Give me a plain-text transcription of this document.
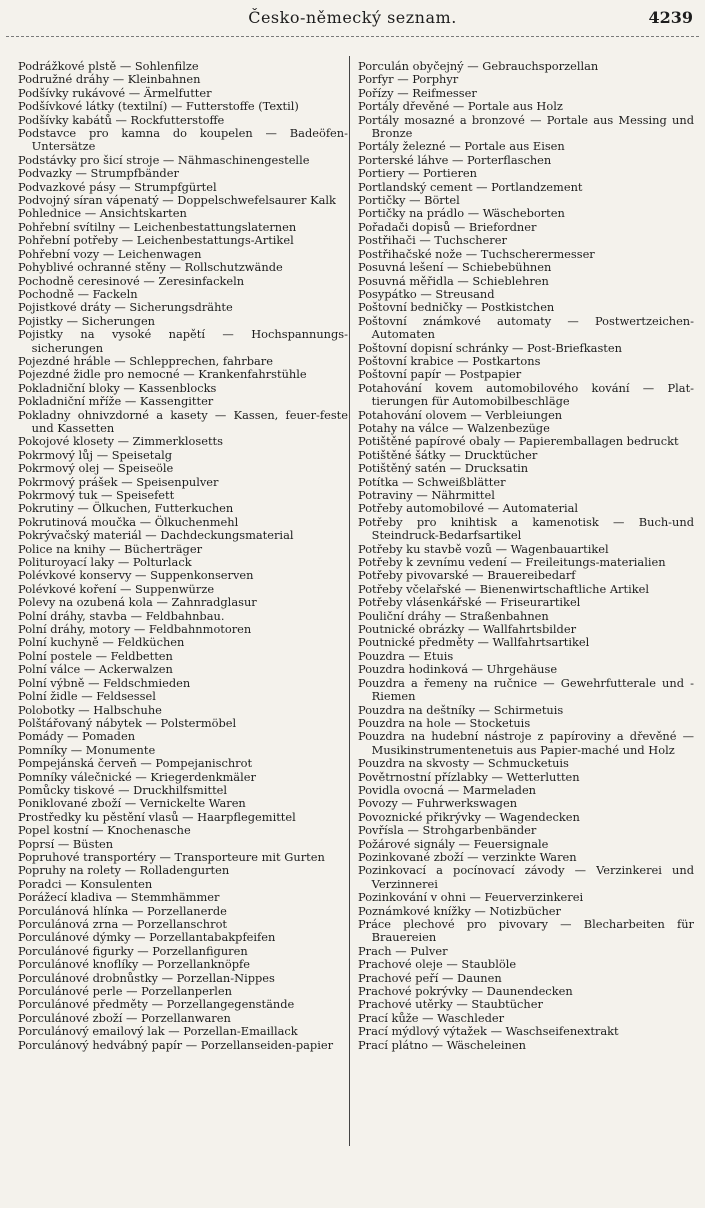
Česko-německý seznam.	4239
Podrážkové plstě — Sohlenfilze
Podružné dráhy — Kleinbahnen
Podšívky rukávové — Ärmelfutter
Podšívkové látky (textilní) — Futterstoffe (Textil)
Podšívky kabátů — Rockfutterstoffe
Podstavce pro kamna do koupelen — Badeöfen-Untersätze
Podstávky pro šicí stroje — Nähmaschinengestelle
Podvazky — Strumpfbänder
Podvazkové pásy — Strumpfgürtel
Podvojný síran vápenatý — Doppelschwefelsaurer Kalk
Pohlednice — Ansichtskarten
Pohřební svítilny — Leichenbestattungslaternen
Pohřební potřeby — Leichenbestattungs-Artikel
Pohřební vozy — Leichenwagen
Pohyblivé ochranné stěny — Rollschutzwände
Pochodně ceresinové — Zeresinfackeln
Pochodně — Fackeln
Pojistkové dráty — Sicherungsdrähte
Pojistky — Sicherungen
Pojistky na vysoké napětí — Hochspannungs-sicherungen
Pojezdné hráble — Schlepprechen, fahrbare
Pojezdné židle pro nemocné — Krankenfahrstühle
Pokladniční bloky — Kassenblocks
Pokladniční mříže — Kassengitter
Pokladny ohnivzdorné a kasety — Kassen, feuer-feste und Kassetten
Pokojové klosety — Zimmerklosetts
Pokrmový lůj — Speisetalg
Pokrmový olej — Speiseöle
Pokrmový prášek — Speisenpulver
Pokrmový tuk — Speisefett
Pokrutiny — Ölkuchen, Futterkuchen
Pokrutinová moučka — Ölkuchenmehl
Pokrývačský materiál — Dachdeckungsmaterial
Police na knihy — Bücherträger
Polituroyací laky — Polturlack
Polévkové konservy — Suppenkonserven
Polévkové koření — Suppenwürze
Polevy na ozubená kola — Zahnradglasur
Polní dráhy, stavba — Feldbahnbau.
Polní dráhy, motory — Feldbahnmotoren
Polní kuchyně — Feldküchen
Polní postele — Feldbetten
Polní válce — Ackerwalzen
Polní výbně — Feldschmieden
Polní židle — Feldsessel
Polobotky — Halbschuhe
Polštářovaný nábytek — Polstermöbel
Pomády — Pomaden
Pomníky — Monumente
Pompejánská červeň — Pompejanischrot
Pomníky válečnické — Kriegerdenkmäler
Pomůcky tiskové — Druckhilfsmittel
Poniklované zboží — Vernickelte Waren
Prostředky ku pěstění vlasů — Haarpflegemittel
Popel kostní — Knochenasche
Poprsí — Büsten
Popruhové transportéry — Transporteure mit Gurten
Popruhy na rolety — Rolladengurten
Poradci — Konsulenten
Porážecí kladiva — Stemmhämmer
Porculánová hlínka — Porzellanerde
Porculánová zrna — Porzellanschrot
Porculánové dýmky — Porzellantabakpfeifen
Porculánové figurky — Porzellanfiguren
Porculánové knoflíky — Porzellanknöpfe
Porculánové drobnůstky — Porzellan-Nippes
Porculánové perle — Porzellanperlen
Porculánové předměty — Porzellangegenstände
Porculánové zboží — Porzellanwaren
Porculánový emailový lak — Porzellan-Emaillack
Porculánový hedvábný papír — Porzellanseiden-papier
Porculán obyčejný — Gebrauchsporzellan
Porfyr — Porphyr
Pořízy — Reifmesser
Portály dřevěné — Portale aus Holz
Portály mosazné a bronzové — Portale aus Messing und Bronze
Portály železné — Portale aus Eisen
Porterské láhve — Porterflaschen
Portiery — Portieren
Portlandský cement — Portlandzement
Portičky — Börtel
Portičky na prádlo — Wäscheborten
Pořadači dopisů — Briefordner
Postřihači — Tuchscherer
Postřihačské nože — Tuchscherermesser
Posuvná lešení — Schiebebühnen
Posuvná měřidla — Schieblehren
Posypátko — Streusand
Poštovní bedničky — Postkistchen
Poštovní známkové automaty — Postwertzeichen-Automaten
Poštovní dopisní schránky — Post-Briefkasten
Poštovní krabice — Postkartons
Poštovní papír — Postpapier
Potahování kovem automobilového kování — Plat-tierungen für Automobilbeschläge
Potahování olovem — Verbleiungen
Potahy na válce — Walzenbezüge
Potištěné papírové obaly — Papieremballagen bedruckt
Potištěné šátky — Drucktücher
Potištěný satén — Drucksatin
Potítka — Schweißblätter
Potraviny — Nährmittel
Potřeby automobilové — Automaterial
Potřeby pro knihtisk a kamenotisk — Buch-und Steindruck-Bedarfsartikel
Potřeby ku stavbě vozů — Wagenbauartikel
Potřeby k zevnímu vedení — Freileitungs-materialien
Potřeby pivovarské — Brauereibedarf
Potřeby včelařské — Bienenwirtschaftliche Artikel
Potřeby vlásenkářské — Friseurartikel
Pouliční dráhy — Straßenbahnen
Poutnické obrázky — Wallfahrtsbilder
Poutnické předměty — Wallfahrtsartikel
Pouzdra — Etuis
Pouzdra hodinková — Uhrgehäuse
Pouzdra a řemeny na ručnice — Gewehrfutterale und -Riemen
Pouzdra na deštníky — Schirmetuis
Pouzdra na hole — Stocketuis
Pouzdra na hudební nástroje z papíroviny a dřevěné — Musikinstrumentenetuis aus Papier-maché und Holz
Pouzdra na skvosty — Schmucketuis
Povětrnostní přízlabky — Wetterlutten
Povidla ovocná — Marmeladen
Povozy — Fuhrwerkswagen
Povoznické přikrývky — Wagendecken
Povřísla — Strohgarbenbänder
Požárové signály — Feuersignale
Pozinkované zboží — verzinkte Waren
Pozinkovací a pocínovací závody — Verzinkerei und Verzinnerei
Pozinkování v ohni — Feuerverzinkerei
Poznámkové knížky — Notizbücher
Práce plechové pro pivovary — Blecharbeiten für Brauereien
Prach — Pulver
Prachové oleje — Staublöle
Prachové peří — Daunen
Prachové pokrývky — Daunendecken
Prachové utěrky — Staubtücher
Prací kůže — Waschleder
Prací mýdlový výtažek — Waschseifenextrakt
Prací plátno — Wäscheleinen
